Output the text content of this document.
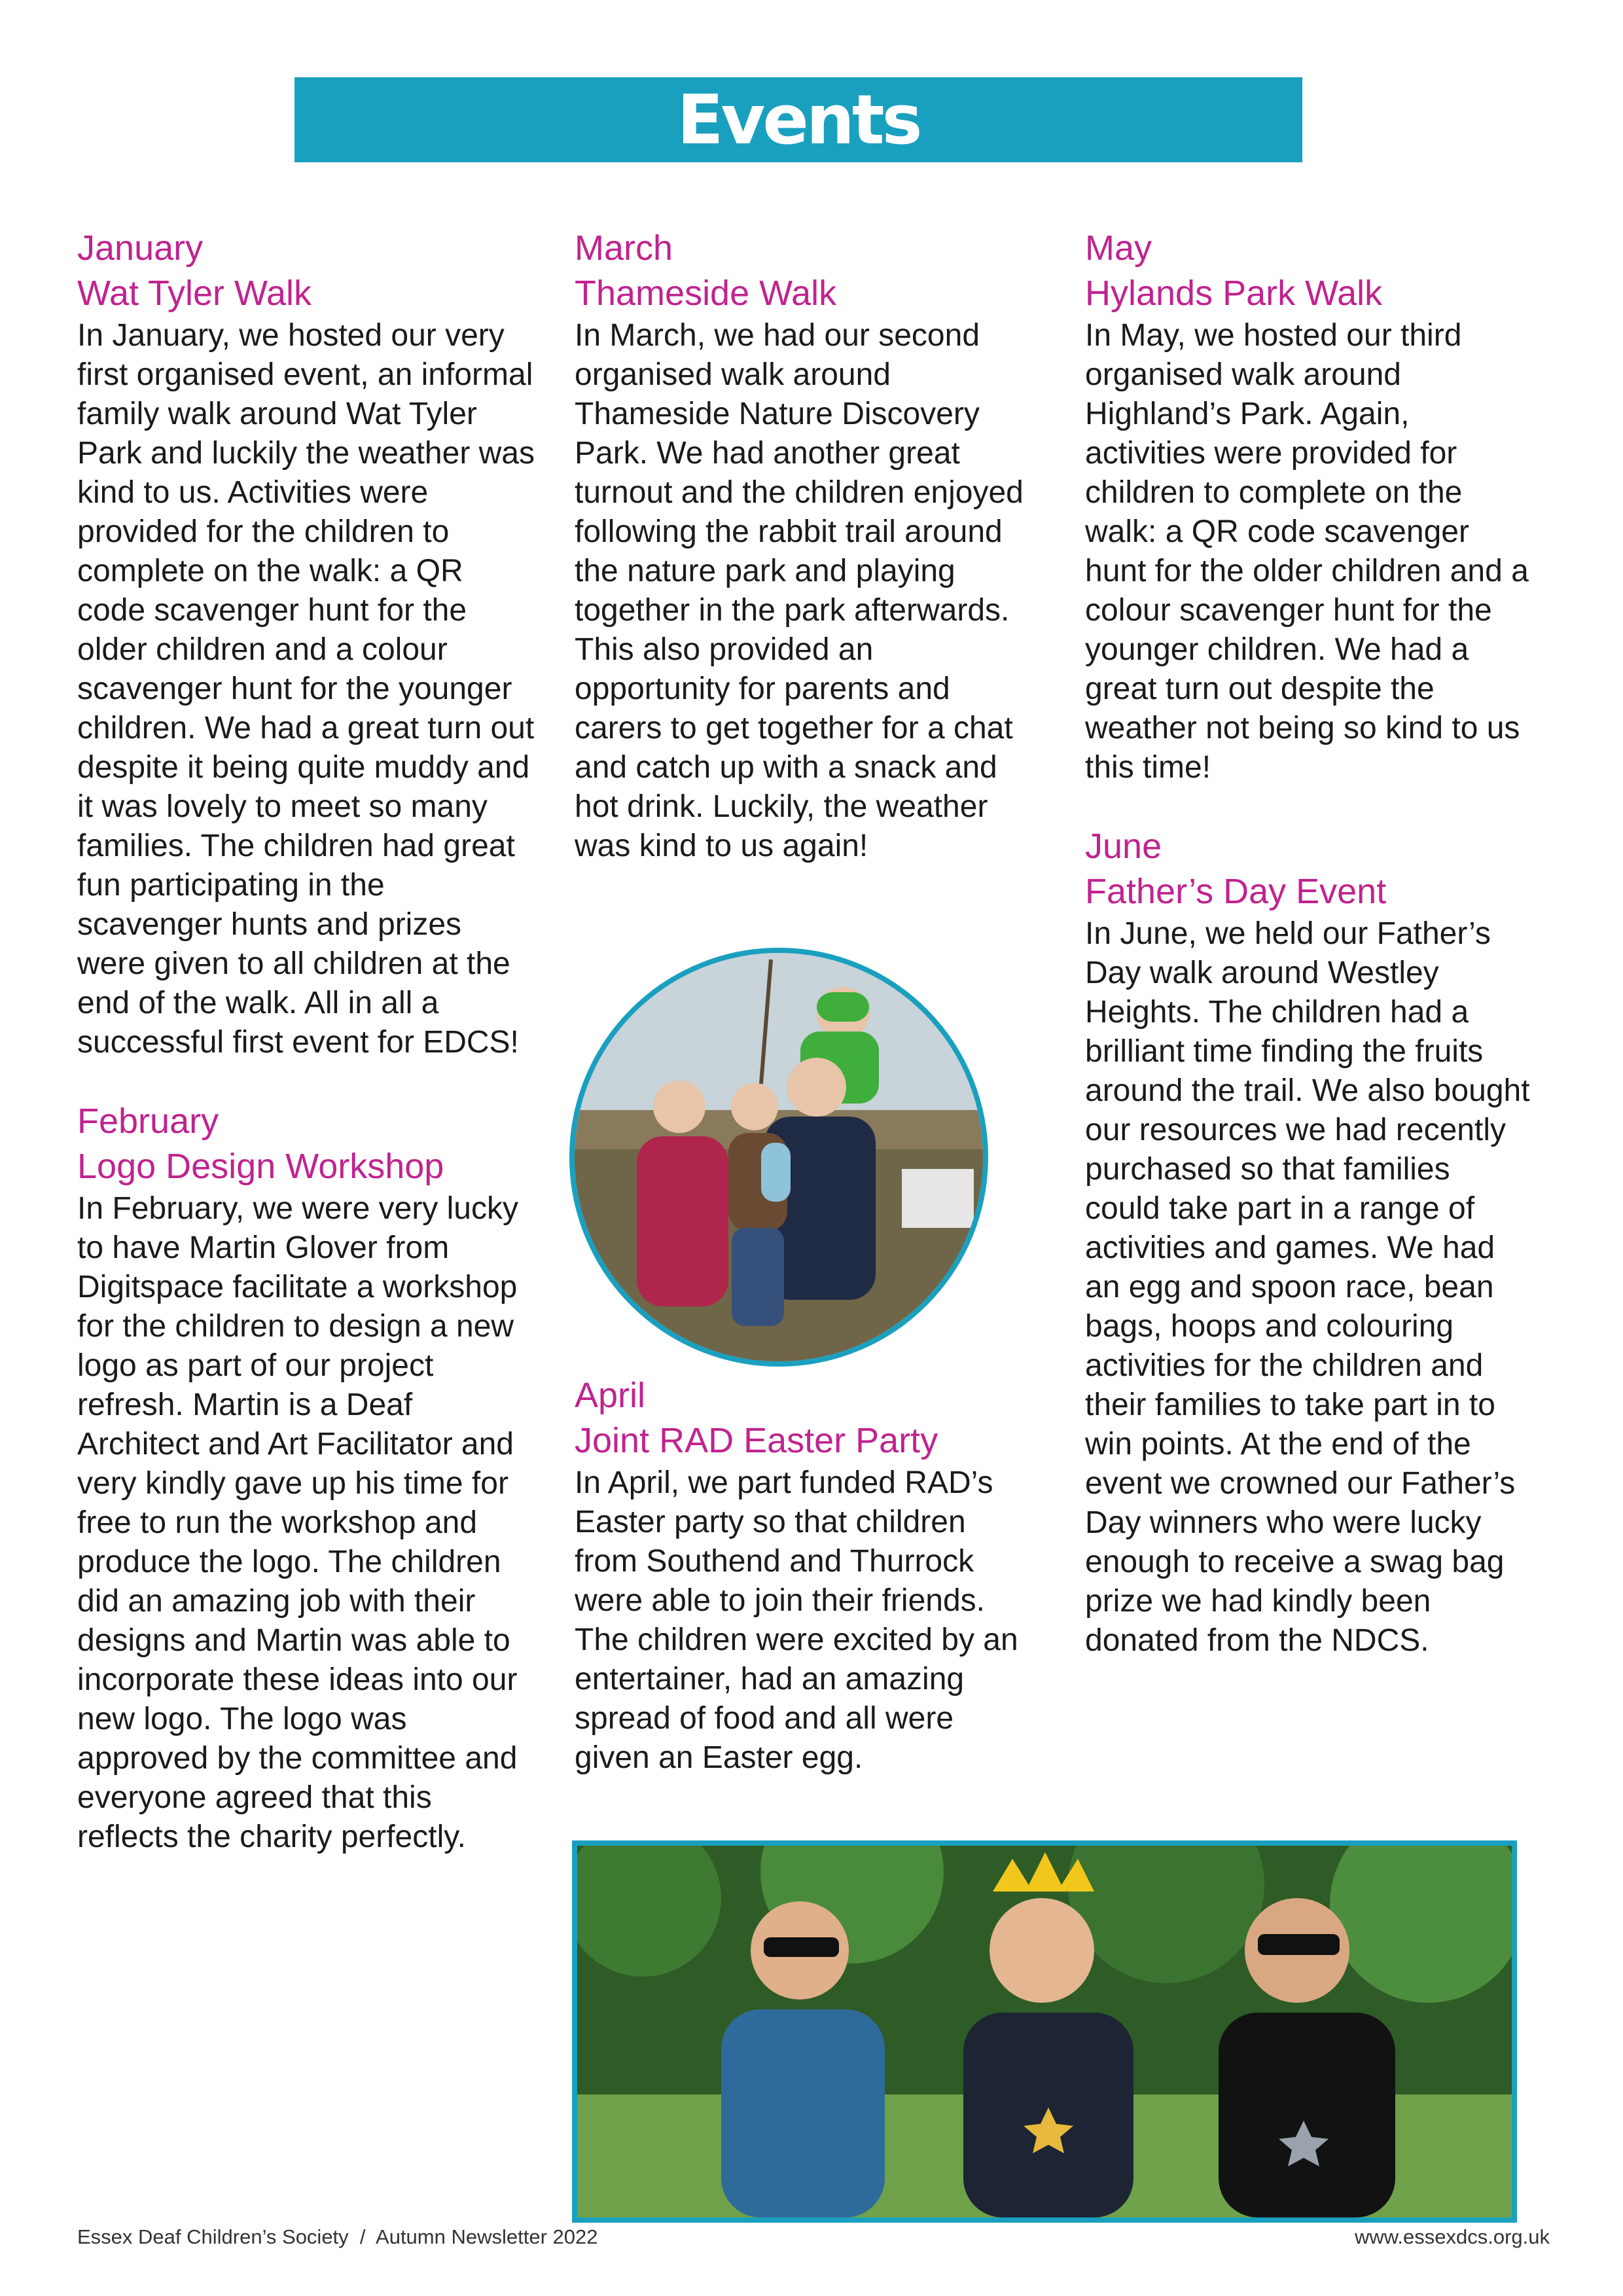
Events
January
Wat Tyler Walk

In January, we hosted our very first organised event, an informal family walk around Wat Tyler Park and luckily the weather was kind to us. Activities were provided for the children to complete on the walk: a QR code scavenger hunt for the older children and a colour scavenger hunt for the younger children. We had a great turn out despite it being quite muddy and it was lovely to meet so many families. The children had great fun participating in the scavenger hunts and prizes were given to all children at the end of the walk. All in all a successful first event for EDCS!

February
Logo Design Workshop

In February, we were very lucky to have Martin Glover from Digitspace facilitate a workshop for the children to design a new logo as part of our project refresh. Martin is a Deaf Architect and Art Facilitator and very kindly gave up his time for free to run the workshop and produce the logo. The children did an amazing job with their designs and Martin was able to incorporate these ideas into our new logo. The logo was approved by the committee and everyone agreed that this reflects the charity perfectly.

March
Thameside Walk

In March, we had our second organised walk around Thameside Nature Discovery Park. We had another great turnout and the children enjoyed following the rabbit trail around the nature park and playing together in the park afterwards. This also provided an opportunity for parents and carers to get together for a chat and catch up with a snack and hot drink. Luckily, the weather was kind to us again!

April
Joint RAD Easter Party

In April, we part funded RAD’s Easter party so that children from Southend and Thurrock were able to join their friends. The children were excited by an entertainer, had an amazing spread of food and all were given an Easter egg.

May
Hylands Park Walk

In May, we hosted our third organised walk around Highland’s Park. Again, activities were provided for children to complete on the walk: a QR code scavenger hunt for the older children and a colour scavenger hunt for the younger children. We had a great turn out despite the weather not being so kind to us this time!

June
Father’s Day Event

In June, we held our Father’s Day walk around Westley Heights. The children had a brilliant time finding the fruits around the trail. We also bought our resources we had recently purchased so that families could take part in a range of activities and games. We had an egg and spoon race, bean bags, hoops and colouring activities for the children and their families to take part in to win points. At the end of the event we crowned our Father’s Day winners who were lucky enough to receive a swag bag prize we had kindly been donated from the NDCS.

Essex Deaf Children’s Society  /  Autumn Newsletter 2022	www.essexdcs.org.uk
